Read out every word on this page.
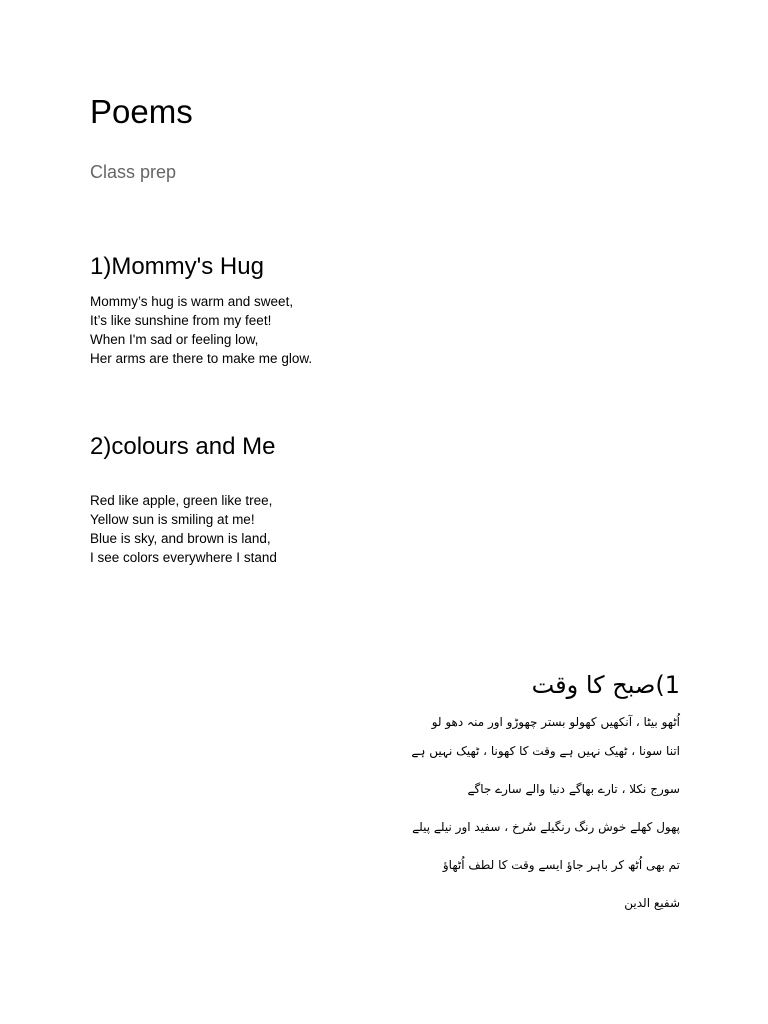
Poems

Class prep

1)Mommy's Hug
Mommy’s hug is warm and sweet,
It’s like sunshine from my feet!
When I'm sad or feeling low,
Her arms are there to make me glow.
2)colours and Me
Red like apple, green like tree,
Yellow sun is smiling at me!
Blue is sky, and brown is land,
I see colors everywhere I stand
1)صبح کا وقت

اُٹھو بیٹا ، آنکھیں کھولو بستر چھوڑو اور منہ دھو لو

اتنا سونا ، ٹھیک نہیں ہے وقت کا کھونا ، ٹھیک نہیں ہے

سورج نکلا ، تارے بھاگے دنیا والے سارے جاگے

پھول کھلے خوش رنگ رنگیلے سُرخ ، سفید اور نیلے پیلے

تم بھی اُٹھ کر باہر جاؤ ایسے وقت کا لطف اُٹھاؤ

شفیع الدین
